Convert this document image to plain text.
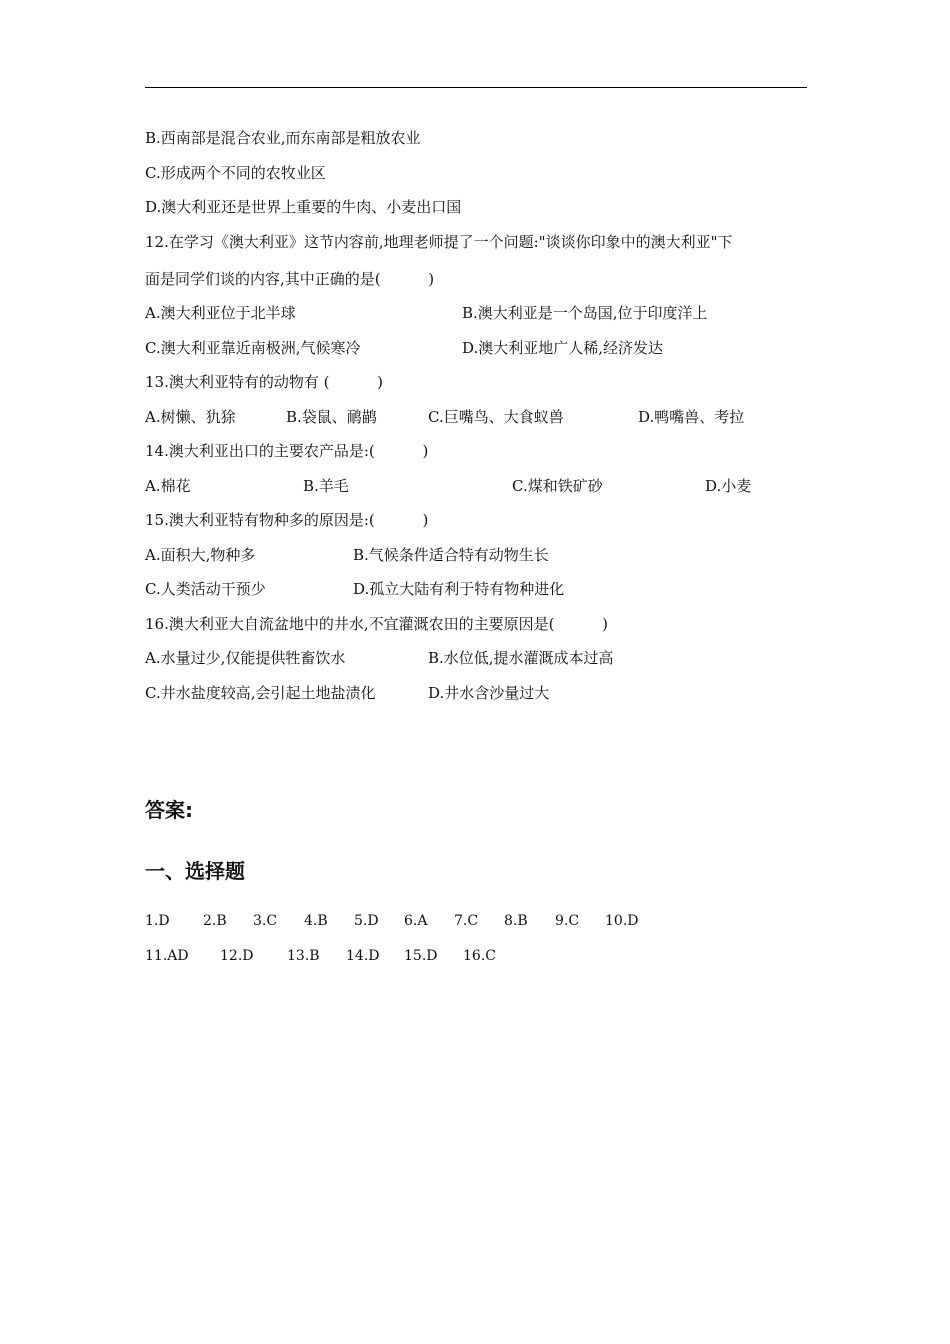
B.西南部是混合农业,而东南部是粗放农业
C.形成两个不同的农牧业区
D.澳大利亚还是世界上重要的牛肉、小麦出口国
12.在学习《澳大利亚》这节内容前,地理老师提了一个问题:"谈谈你印象中的澳大利亚"下
面是同学们谈的内容,其中正确的是(          )
A.澳大利亚位于北半球	B.澳大利亚是一个岛国,位于印度洋上
C.澳大利亚靠近南极洲,气候寒冷	D.澳大利亚地广人稀,经济发达
13.澳大利亚特有的动物有 (          )
A.树懒、犰狳	B.袋鼠、鸸鹋	C.巨嘴鸟、大食蚁兽	D.鸭嘴兽、考拉
14.澳大利亚出口的主要农产品是:(          )
A.棉花	B.羊毛	C.煤和铁矿砂	D.小麦
15.澳大利亚特有物种多的原因是:(          )
A.面积大,物种多	B.气候条件适合特有动物生长
C.人类活动干预少	D.孤立大陆有利于特有物种进化
16.澳大利亚大自流盆地中的井水,不宜灌溉农田的主要原因是(          )
A.水量过少,仅能提供牲畜饮水	B.水位低,提水灌溉成本过高
C.井水盐度较高,会引起土地盐渍化	D.井水含沙量过大
答案:
一、选择题
1.D 2.B 3.C 4.B 5.D 6.A 7.C 8.B 9.C 10.D
11.AD 12.D 13.B 14.D 15.D 16.C
